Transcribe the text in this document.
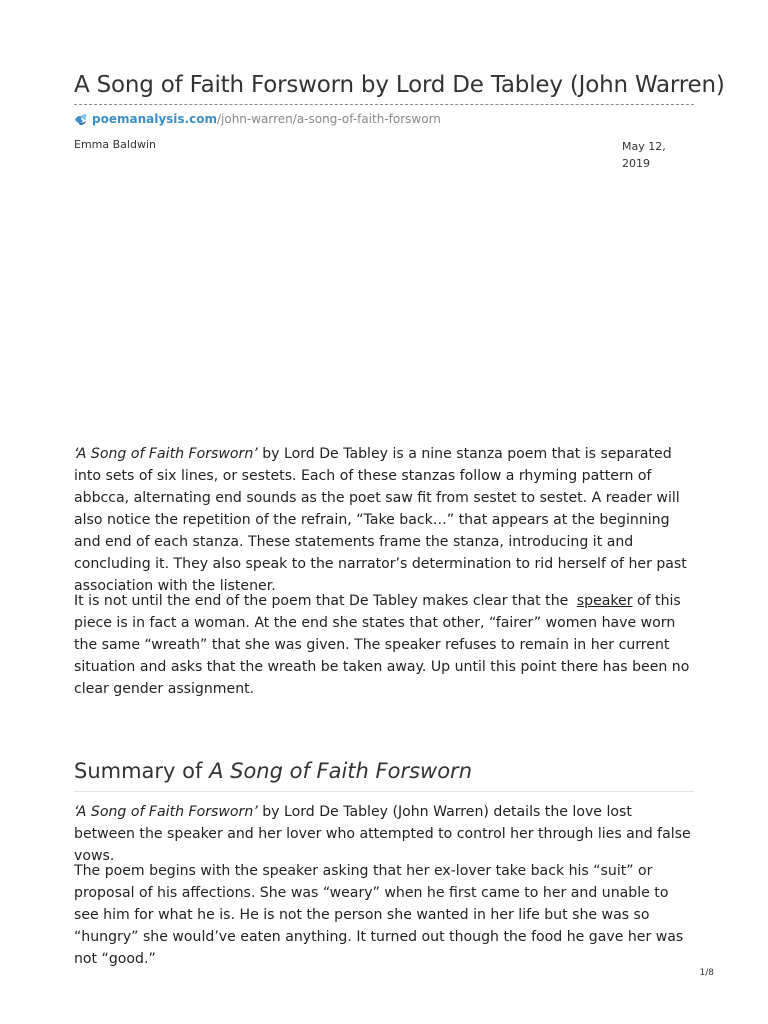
A Song of Faith Forsworn by Lord De Tabley (John Warren)
poemanalysis.com /john-warren/a-song-of-faith-forsworn
Emma Baldwin	May 12, 2019

‘A Song of Faith Forsworn’ by Lord De Tabley is a nine stanza poem that is separated into sets of six lines, or sestets. Each of these stanzas follow a rhyming pattern of abbcca, alternating end sounds as the poet saw fit from sestet to sestet. A reader will also notice the repetition of the refrain, “Take back…” that appears at the beginning and end of each stanza. These statements frame the stanza, introducing it and concluding it. They also speak to the narrator’s determination to rid herself of her past association with the listener.

It is not until the end of the poem that De Tabley makes clear that the speaker of this piece is in fact a woman. At the end she states that other, “fairer” women have worn the same “wreath” that she was given. The speaker refuses to remain in her current situation and asks that the wreath be taken away. Up until this point there has been no clear gender assignment.

Summary of A Song of Faith Forsworn

‘A Song of Faith Forsworn’ by Lord De Tabley (John Warren) details the love lost between the speaker and her lover who attempted to control her through lies and false vows.

The poem begins with the speaker asking that her ex-lover take back his “suit” or proposal of his affections. She was “weary” when he first came to her and unable to see him for what he is. He is not the person she wanted in her life but she was so “hungry” she would’ve eaten anything. It turned out though the food he gave her was not “good.”

1/8
